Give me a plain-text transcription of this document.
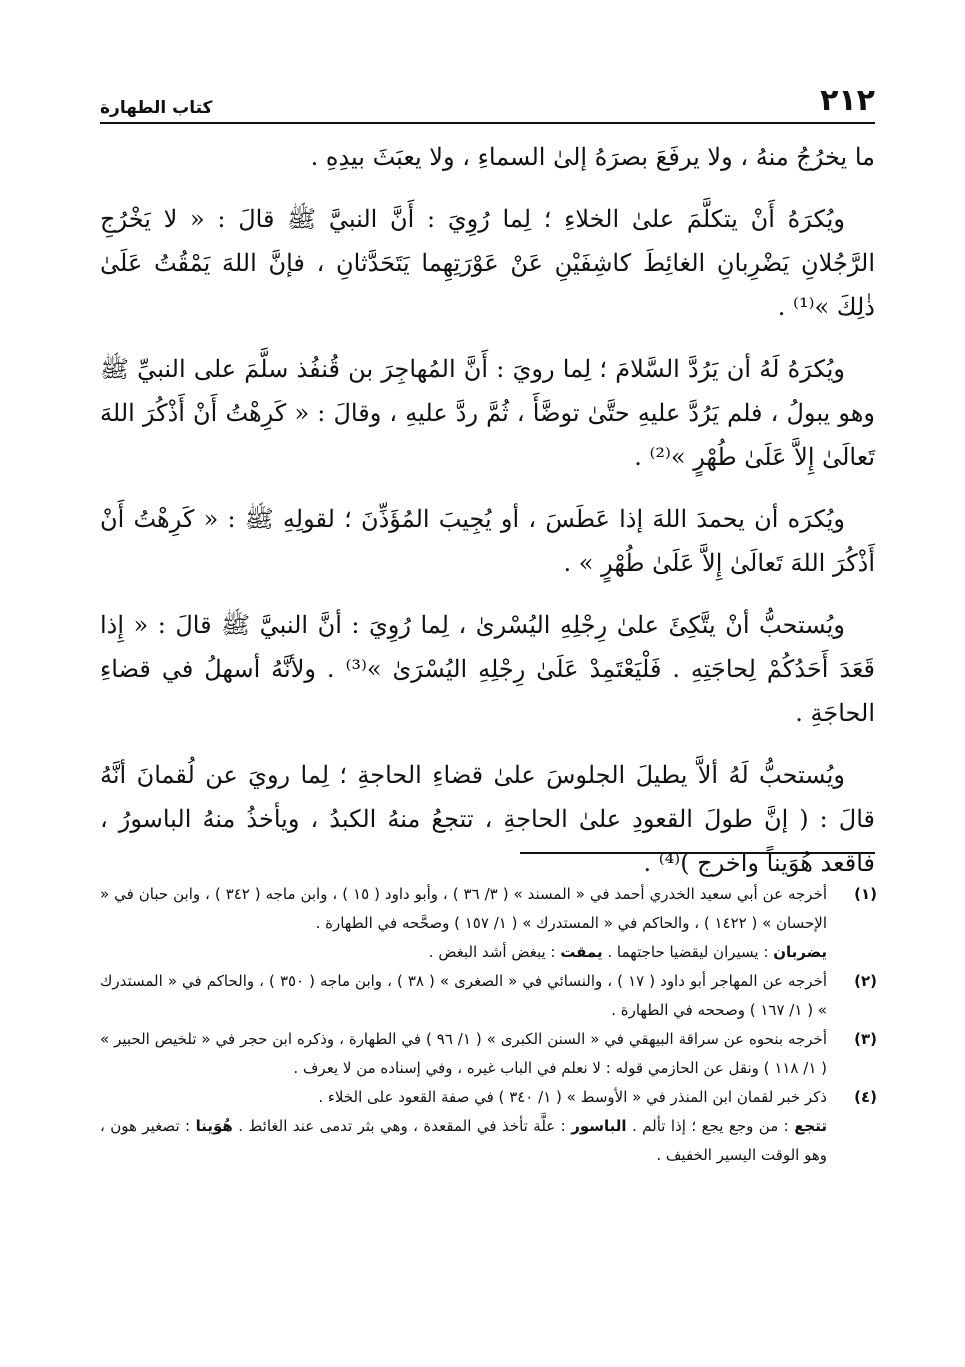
٢١٢
كتاب الطهارة

ما يخرُجُ منهُ ، ولا يرفَعَ بصرَهُ إلىٰ السماءِ ، ولا يعبَثَ بيدِهِ .

ويُكرَهُ أَنْ يتكلَّمَ علىٰ الخلاءِ ؛ لِما رُوِيَ : أَنَّ النبيَّ ﷺ قالَ : « لا يَخْرُجِ الرَّجُلانِ يَضْرِبانِ الغائِطَ كاشِفَيْنِ عَنْ عَوْرَتِهِما يَتَحَدَّثانِ ، فإنَّ اللهَ يَمْقُتُ عَلَىٰ ذٰلِكَ »⁽¹⁾ .

ويُكرَهُ لَهُ أن يَرُدَّ السَّلامَ ؛ لِما رويَ : أَنَّ المُهاجِرَ بن قُنفُذ سلَّمَ على النبيِّ ﷺ وهو يبولُ ، فلم يَرُدَّ عليهِ حتَّىٰ توضَّأَ ، ثُمَّ ردَّ عليهِ ، وقالَ : « كَرِهْتُ أَنْ أَذْكُرَ اللهَ تَعالَىٰ إِلاَّ عَلَىٰ طُهْرٍ »⁽²⁾ .

ويُكرَه أن يحمدَ اللهَ إذا عَطَسَ ، أو يُجِيبَ المُؤَذِّنَ ؛ لقولِهِ ﷺ : « كَرِهْتُ أَنْ أَذْكُرَ اللهَ تَعالَىٰ إِلاَّ عَلَىٰ طُهْرٍ » .

ويُستحبُّ أنْ يتَّكِئَ علىٰ رِجْلِهِ اليُسْرىٰ ، لِما رُوِيَ : أنَّ النبيَّ ﷺ قالَ : « إِذا قَعَدَ أَحَدُكُمْ لِحاجَتِهِ . فَلْيَعْتَمِدْ عَلَىٰ رِجْلِهِ اليُسْرَىٰ »⁽³⁾ . ولأنَّهُ أسهلُ في قضاءِ الحاجَةِ .

ويُستحبُّ لَهُ ألاَّ يطيلَ الجلوسَ علىٰ قضاءِ الحاجةِ ؛ لِما رويَ عن لُقمانَ أنَّهُ قالَ : ( إنَّ طولَ القعودِ علىٰ الحاجةِ ، تتجعُ منهُ الكبدُ ، ويأخذُ منهُ الباسورُ ، فاقعد هُوَيناً واخرج )⁽⁴⁾ .

(١)
أخرجه عن أبي سعيد الخدري أحمد في « المسند » ( ٣/ ٣٦ ) ، وأبو داود ( ١٥ ) ، وابن ماجه ( ٣٤٢ ) ، وابن حبان في « الإحسان » ( ١٤٢٢ ) ، والحاكم في « المستدرك » ( ١/ ١٥٧ ) وصحَّحه في الطهارة .
يضربان : يسيران ليقضيا حاجتهما . يمقت : يبغض أشد البغض .
(٢)
أخرجه عن المهاجر أبو داود ( ١٧ ) ، والنسائي في « الصغرى » ( ٣٨ ) ، وابن ماجه ( ٣٥٠ ) ، والحاكم في « المستدرك » ( ١/ ١٦٧ ) وصححه في الطهارة .
(٣)
أخرجه بنحوه عن سراقة البيهقي في « السنن الكبرى » ( ١/ ٩٦ ) في الطهارة ، وذكره ابن حجر في « تلخيص الحبير » ( ١/ ١١٨ ) ونقل عن الحازمي قوله : لا نعلم في الباب غيره ، وفي إسناده من لا يعرف .
(٤)
ذكر خبر لقمان ابن المنذر في « الأوسط » ( ١/ ٣٤٠ ) في صفة القعود على الخلاء .
تتجع : من وجع يجع ؛ إذا تألم . الباسور : علَّة تأخذ في المقعدة ، وهي بثر تدمى عند الغائط . هُوَينا : تصغير هون ، وهو الوقت اليسير الخفيف .
